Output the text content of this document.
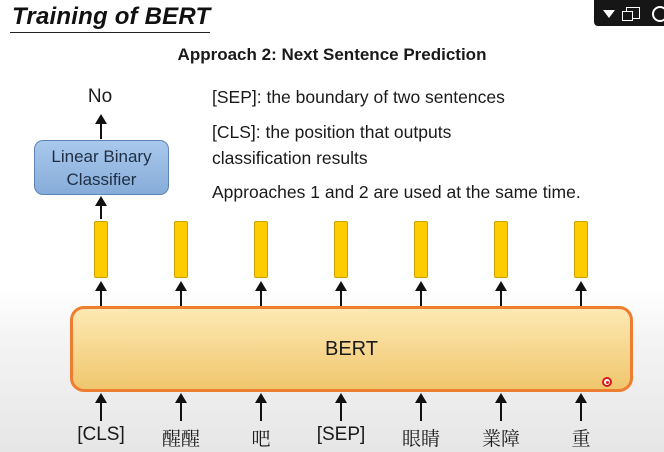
Training of BERT
Approach 2: Next Sentence Prediction
No
Linear Binary
Classifier
[SEP]: the boundary of two sentences
[CLS]: the position that outputs
classification results
Approaches 1 and 2 are used at the same time.
BERT
[CLS]	醒醒	吧	[SEP]	眼睛	業障	重
